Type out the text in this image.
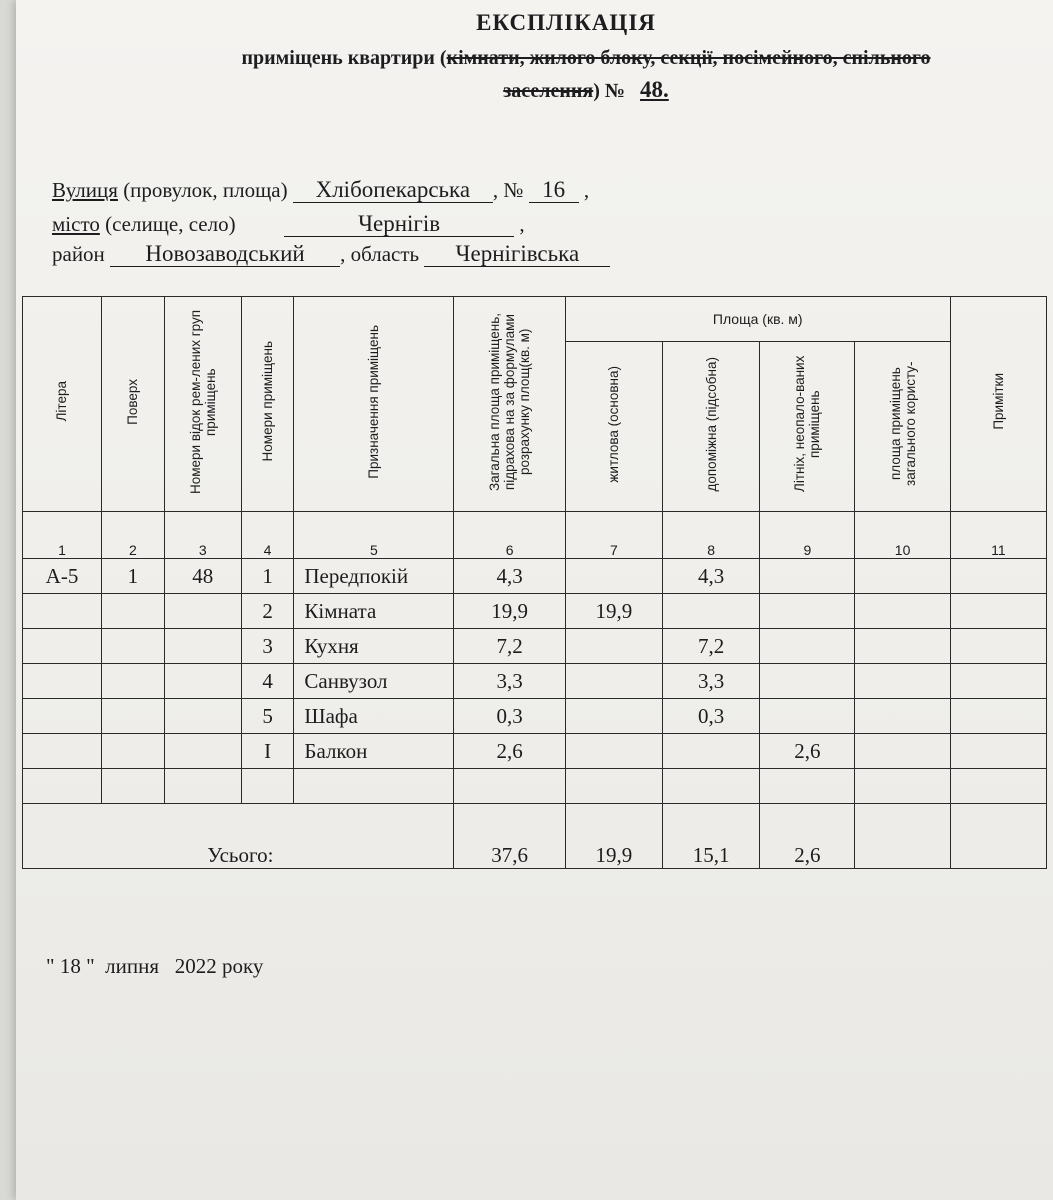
ЕКСПЛІКАЦІЯ
приміщень квартири (кімнати, жилого блоку, секції, посімейного, спільного
заселення) № 48.
Вулиця (провулок, площа) Хлібопекарська , № 16 ,
місто (селище, село)	Чернігів	,
район Новозаводський , область Чернігівська
Літера	Поверх	Номери відок рем-лених груп приміщень	Номери приміщень	Призначення приміщень	Загальна площа приміщень, підрахова на за формулами розрахунку площ(кв. м)	Площа (кв. м)				Примітки
						житлова (основна)	допоміжна (підсобна)	Літніх, неопало-ваних приміщень	площа приміщень загального користу-	
1	2	3	4	5	6	7	8	9	10	11
А-5	1	48	1	Передпокій	4,3		4,3			
			2	Кімната	19,9	19,9				
			3	Кухня	7,2		7,2			
			4	Санвузол	3,3		3,3			
			5	Шафа	0,3		0,3			
			I	Балкон	2,6			2,6		

Усього:					37,6	19,9	15,1	2,6		
" 18 "  липня   2022 року
